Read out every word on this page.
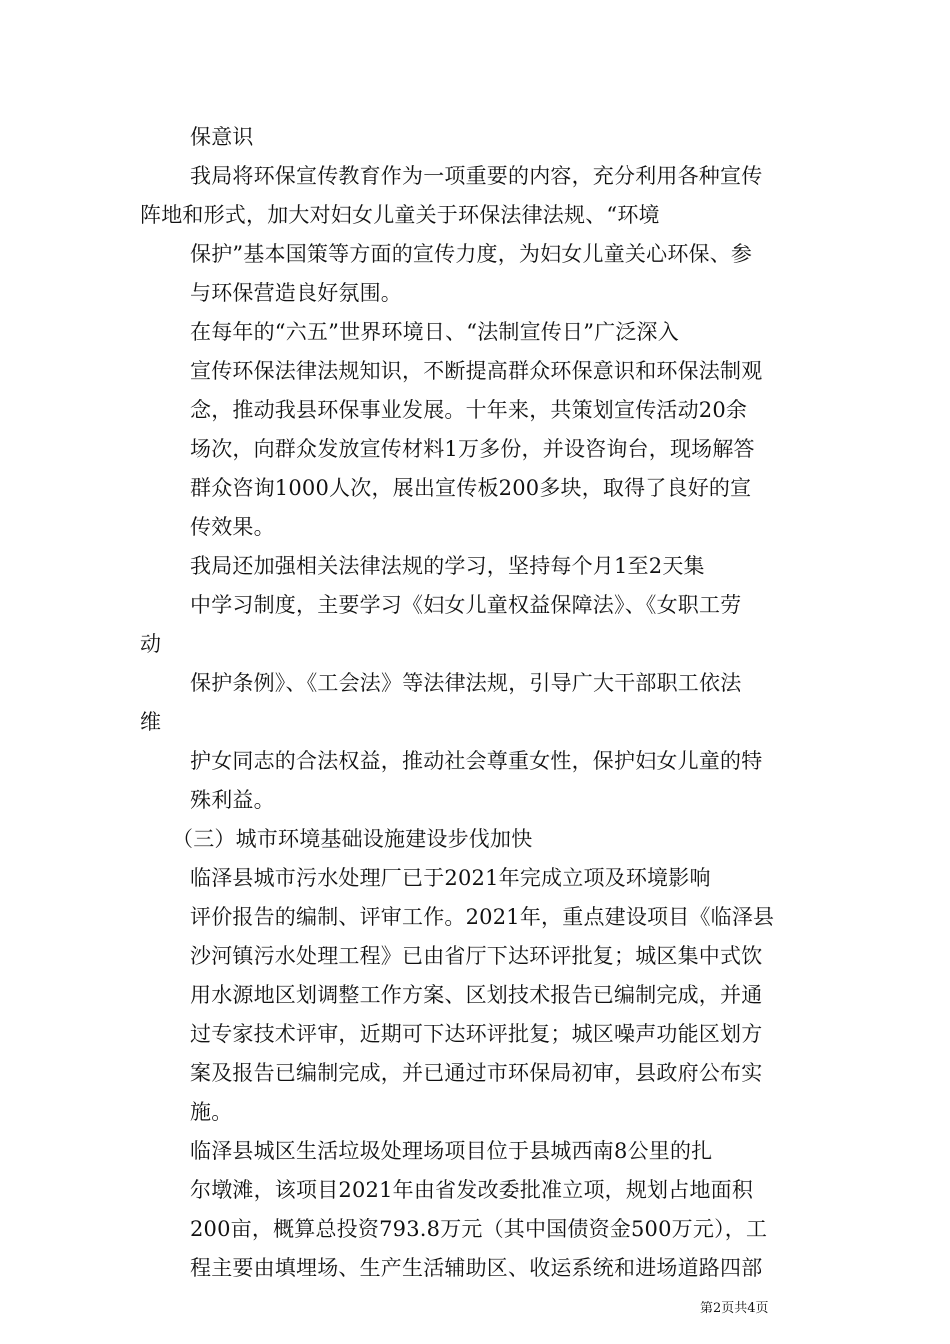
保意识
我局将环保宣传教育作为一项重要的内容，充分利用各种宣传
阵地和形式，加大对妇女儿童关于环保法律法规、“环境
保护”基本国策等方面的宣传力度，为妇女儿童关心环保、参
与环保营造良好氛围。
在每年的“六五”世界环境日、“法制宣传日”广泛深入
宣传环保法律法规知识，不断提高群众环保意识和环保法制观
念，推动我县环保事业发展。十年来，共策划宣传活动20余
场次，向群众发放宣传材料1万多份，并设咨询台，现场解答
群众咨询1000人次，展出宣传板200多块，取得了良好的宣
传效果。
我局还加强相关法律法规的学习，坚持每个月1至2天集
中学习制度，主要学习《妇女儿童权益保障法》、《女职工劳
动
保护条例》、《工会法》等法律法规，引导广大干部职工依法
维
护女同志的合法权益，推动社会尊重女性，保护妇女儿童的特
殊利益。
（三）城市环境基础设施建设步伐加快
临泽县城市污水处理厂已于2021年完成立项及环境影响
评价报告的编制、评审工作。2021年，重点建设项目《临泽县
沙河镇污水处理工程》已由省厅下达环评批复；城区集中式饮
用水源地区划调整工作方案、区划技术报告已编制完成，并通
过专家技术评审，近期可下达环评批复；城区噪声功能区划方
案及报告已编制完成，并已通过市环保局初审，县政府公布实
施。
临泽县城区生活垃圾处理场项目位于县城西南8公里的扎
尔墩滩，该项目2021年由省发改委批准立项，规划占地面积
200亩，概算总投资793.8万元（其中国债资金500万元），工
程主要由填埋场、生产生活辅助区、收运系统和进场道路四部
第2页共4页
